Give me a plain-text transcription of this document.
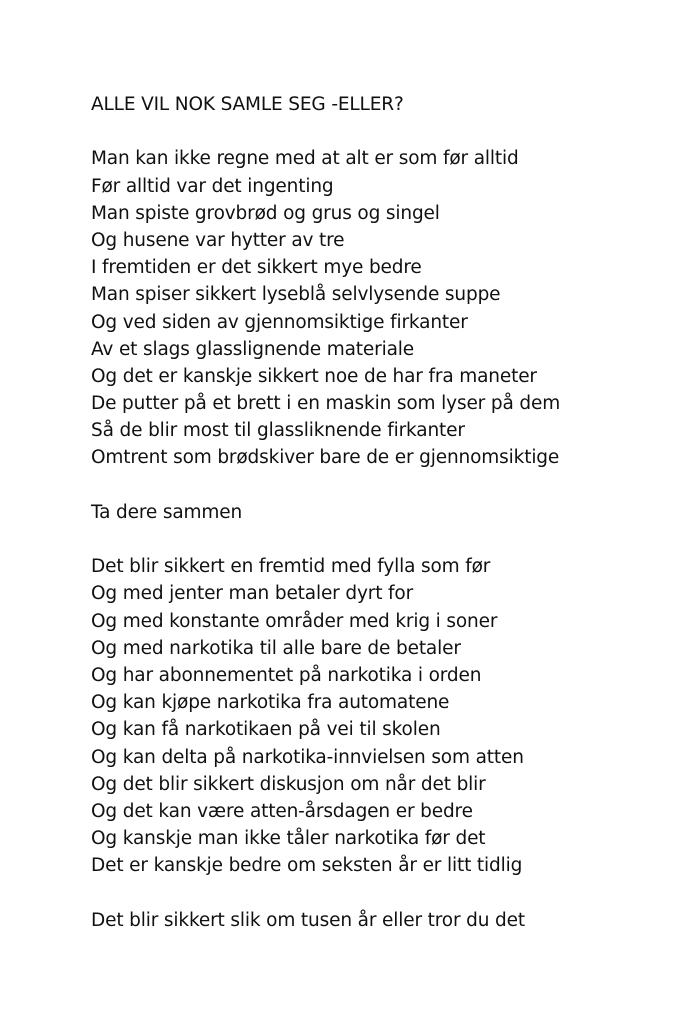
ALLE VIL NOK SAMLE SEG -ELLER?
Man kan ikke regne med at alt er som før alltid
Før alltid var det ingenting
Man spiste grovbrød og grus og singel
Og husene var hytter av tre
I fremtiden er det sikkert mye bedre
Man spiser sikkert lyseblå selvlysende suppe
Og ved siden av gjennomsiktige firkanter
Av et slags glasslignende materiale
Og det er kanskje sikkert noe de har fra maneter
De putter på et brett i en maskin som lyser på dem
Så de blir most til glassliknende firkanter
Omtrent som brødskiver bare de er gjennomsiktige
Ta dere sammen
Det blir sikkert en fremtid med fylla som før
Og med jenter man betaler dyrt for
Og med konstante områder med krig i soner
Og med narkotika til alle bare de betaler
Og har abonnementet på narkotika i orden
Og kan kjøpe narkotika fra automatene
Og kan få narkotikaen på vei til skolen
Og kan delta på narkotika-innvielsen som atten
Og det blir sikkert diskusjon om når det blir
Og det kan være atten-årsdagen er bedre
Og kanskje man ikke tåler narkotika før det
Det er kanskje bedre om seksten år er litt tidlig
Det blir sikkert slik om tusen år eller tror du det
